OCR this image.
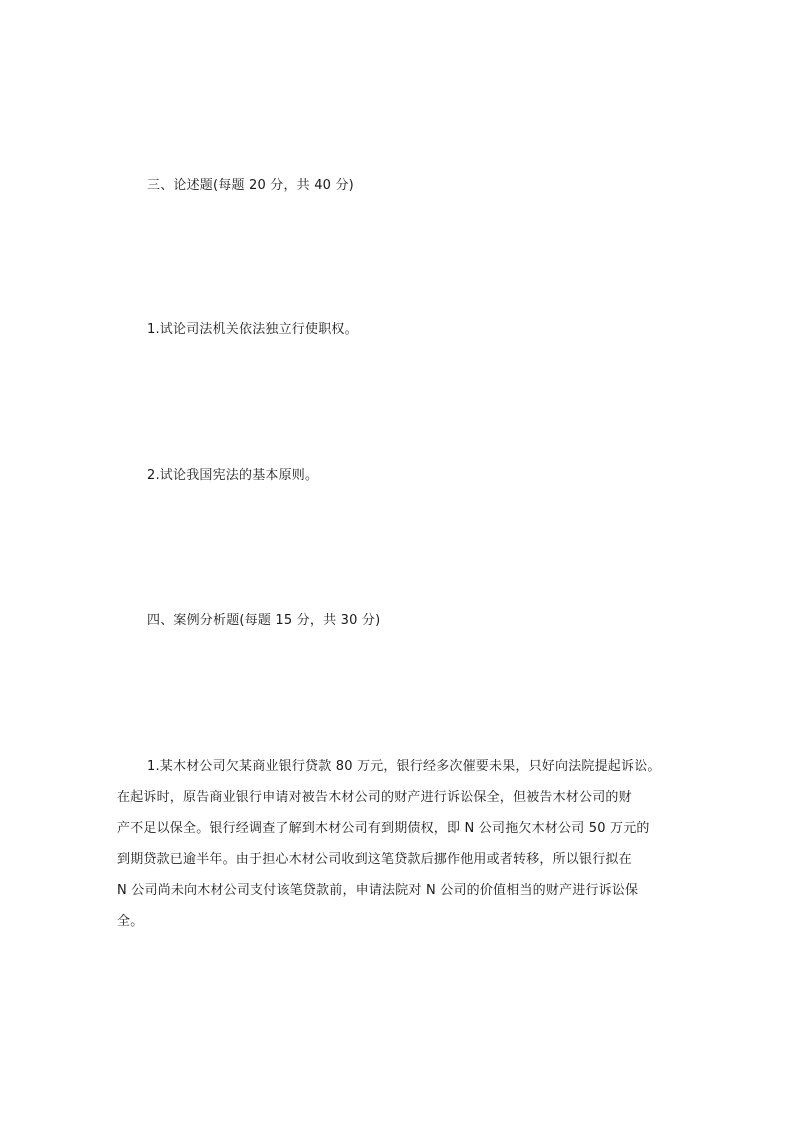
三、论述题(每题 20 分，共 40 分)
1.试论司法机关依法独立行使职权。
2.试论我国宪法的基本原则。
四、案例分析题(每题 15 分，共 30 分)
1.某木材公司欠某商业银行贷款 80 万元，银行经多次催要未果，只好向法院提起诉讼。
在起诉时，原告商业银行申请对被告木材公司的财产进行诉讼保全，但被告木材公司的财
产不足以保全。银行经调查了解到木材公司有到期债权，即 N 公司拖欠木材公司 50 万元的
到期贷款已逾半年。由于担心木材公司收到这笔贷款后挪作他用或者转移，所以银行拟在
N 公司尚未向木材公司支付该笔贷款前，申请法院对 N 公司的价值相当的财产进行诉讼保
全。
